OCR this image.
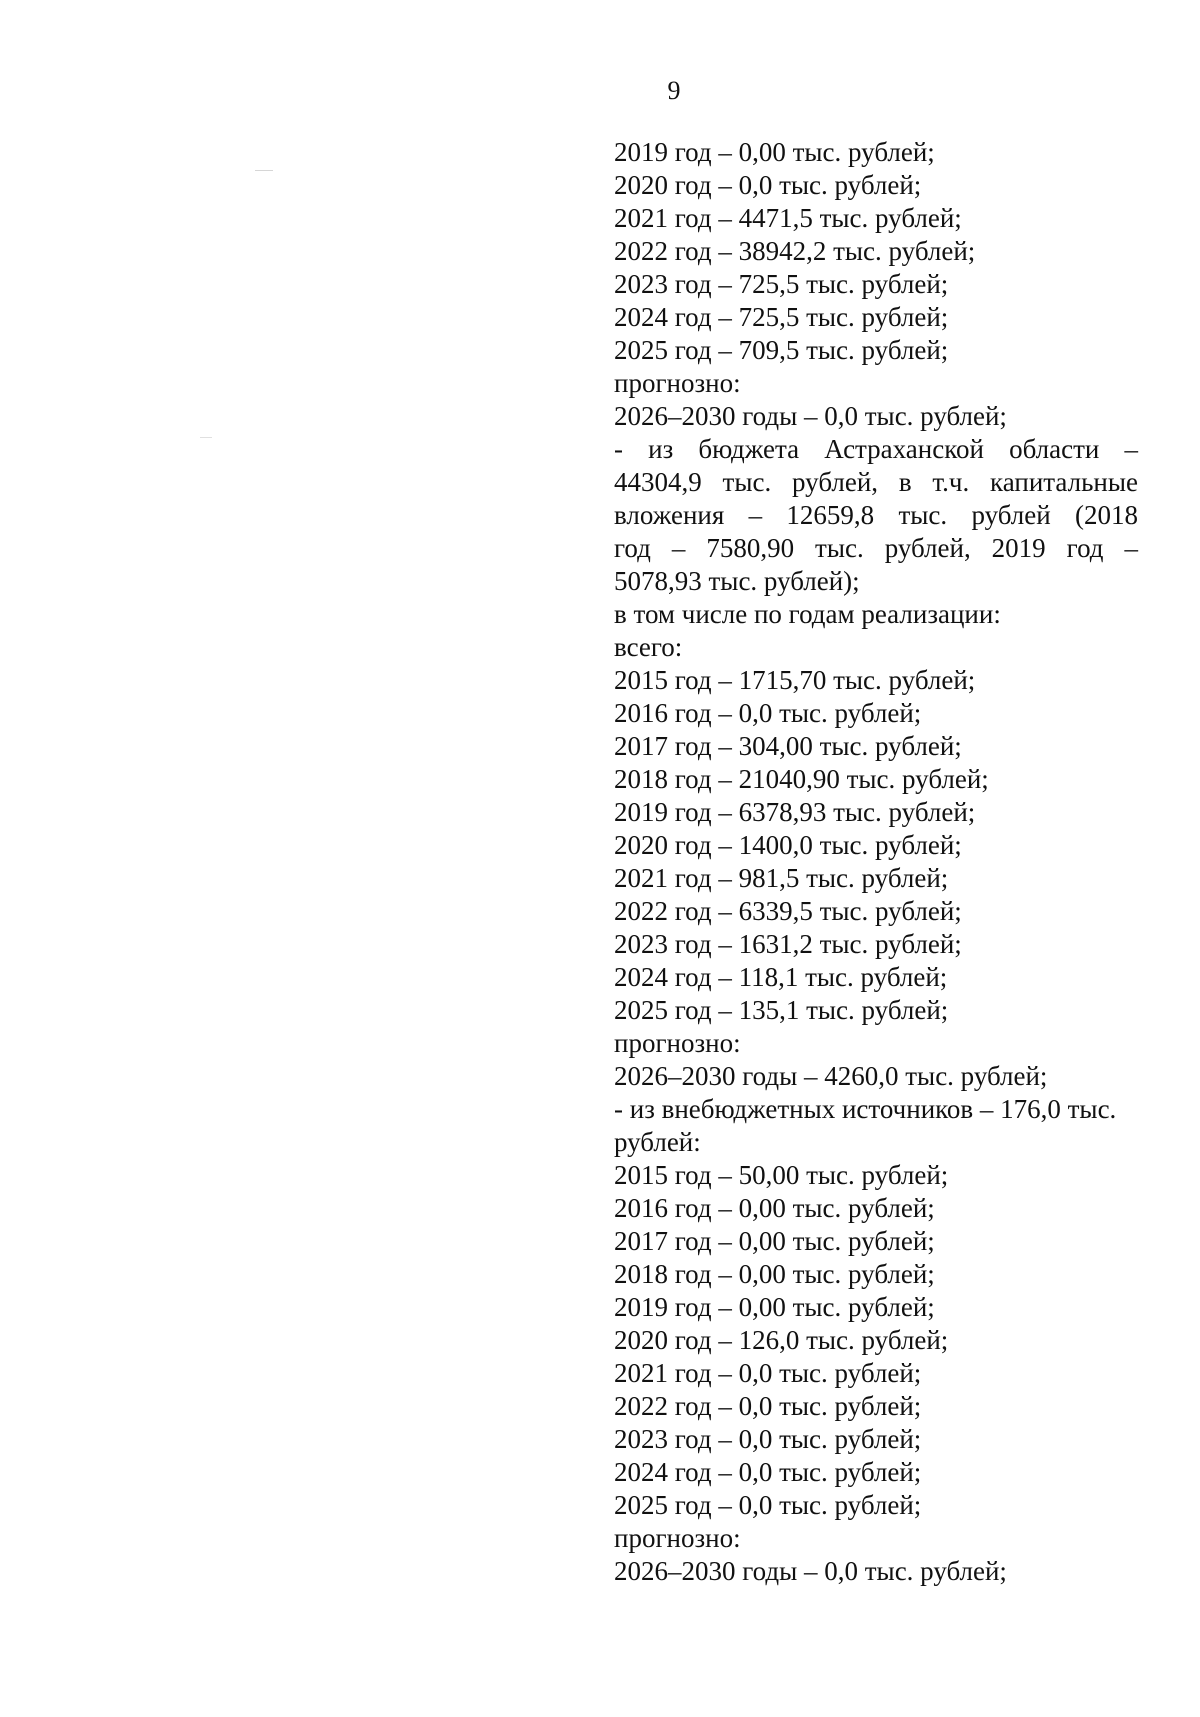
9

2019 год – 0,00 тыс. рублей;
2020 год – 0,0 тыс. рублей;
2021 год – 4471,5 тыс. рублей;
2022 год – 38942,2 тыс. рублей;
2023 год – 725,5 тыс. рублей;
2024 год – 725,5 тыс. рублей;
2025 год – 709,5 тыс. рублей;
прогнозно:
2026–2030 годы – 0,0 тыс. рублей;
- из бюджета Астраханской области –
44304,9 тыс. рублей, в т.ч. капитальные
вложения – 12659,8 тыс. рублей (2018
год – 7580,90 тыс. рублей, 2019 год –
5078,93 тыс. рублей);
в том числе по годам реализации:
всего:
2015 год – 1715,70 тыс. рублей;
2016 год – 0,0 тыс. рублей;
2017 год – 304,00 тыс. рублей;
2018 год – 21040,90 тыс. рублей;
2019 год – 6378,93 тыс. рублей;
2020 год – 1400,0 тыс. рублей;
2021 год – 981,5 тыс. рублей;
2022 год – 6339,5 тыс. рублей;
2023 год – 1631,2 тыс. рублей;
2024 год – 118,1 тыс. рублей;
2025 год – 135,1 тыс. рублей;
прогнозно:
2026–2030 годы – 4260,0 тыс. рублей;
- из внебюджетных источников – 176,0 тыс.
рублей:
2015 год – 50,00 тыс. рублей;
2016 год – 0,00 тыс. рублей;
2017 год – 0,00 тыс. рублей;
2018 год – 0,00 тыс. рублей;
2019 год – 0,00 тыс. рублей;
2020 год – 126,0 тыс. рублей;
2021 год – 0,0 тыс. рублей;
2022 год – 0,0 тыс. рублей;
2023 год – 0,0 тыс. рублей;
2024 год – 0,0 тыс. рублей;
2025 год – 0,0 тыс. рублей;
прогнозно:
2026–2030 годы – 0,0 тыс. рублей;
